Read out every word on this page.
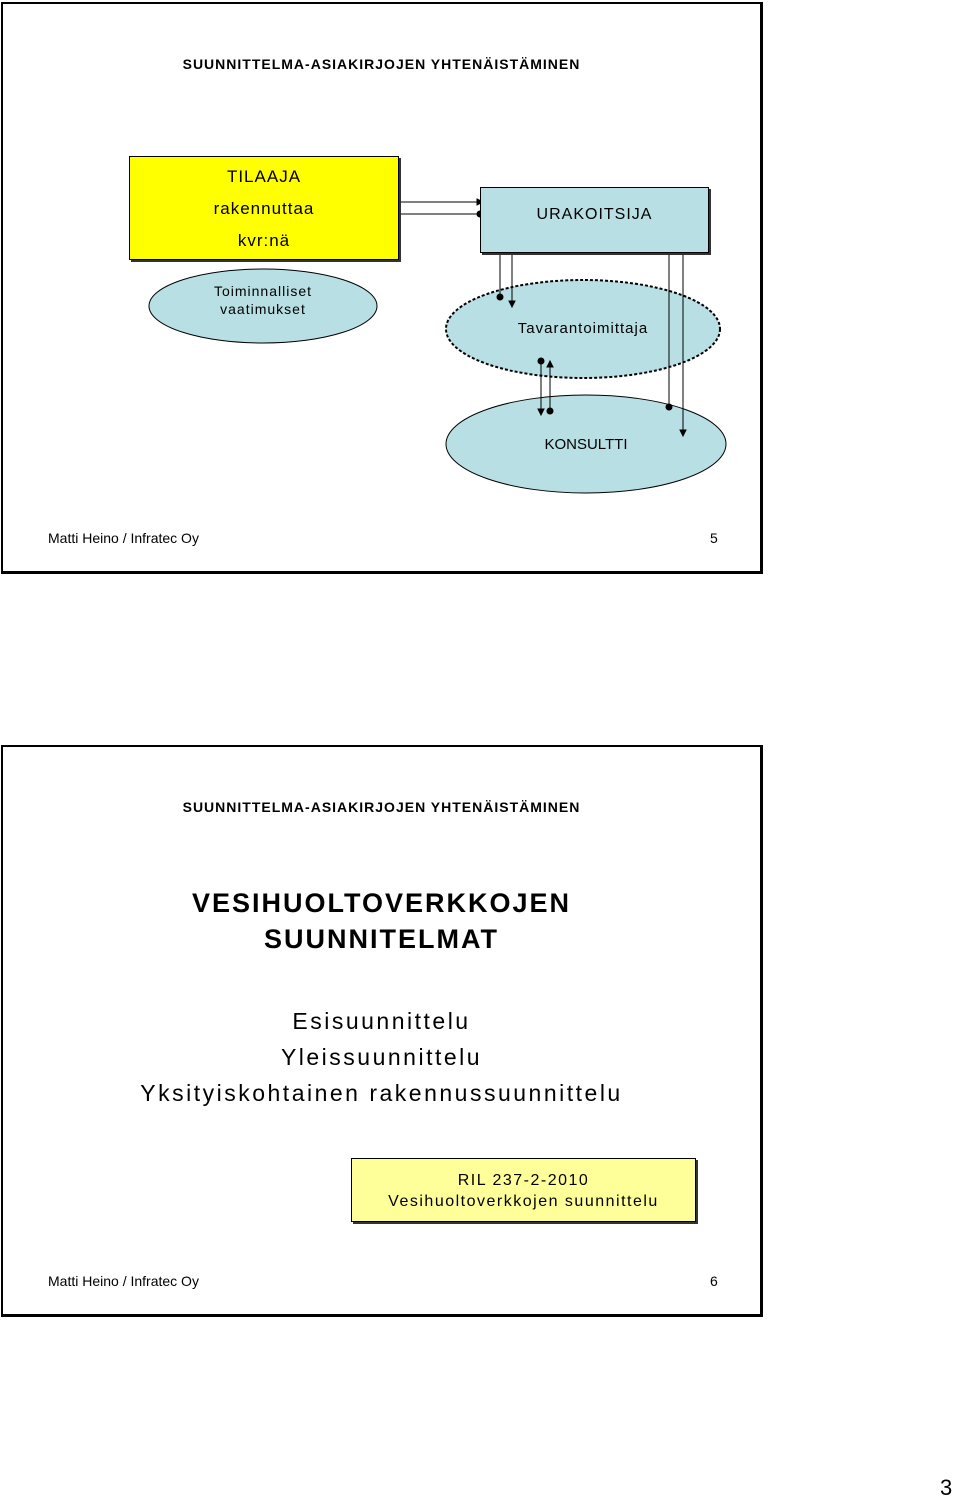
SUUNNITTELMA-ASIAKIRJOJEN YHTENÄISTÄMINEN
TILAAJA
rakennuttaa
kvr:nä
URAKOITSIJA
Toiminnalliset
vaatimukset
Tavarantoimittaja
KONSULTTI
Matti Heino / Infratec Oy	5
SUUNNITTELMA-ASIAKIRJOJEN YHTENÄISTÄMINEN
VESIHUOLTOVERKKOJEN
SUUNNITELMAT
Esisuunnittelu
Yleissuunnittelu
Yksityiskohtainen rakennussuunnittelu
RIL 237-2-2010
Vesihuoltoverkkojen suunnittelu
Matti Heino / Infratec Oy	6
3
